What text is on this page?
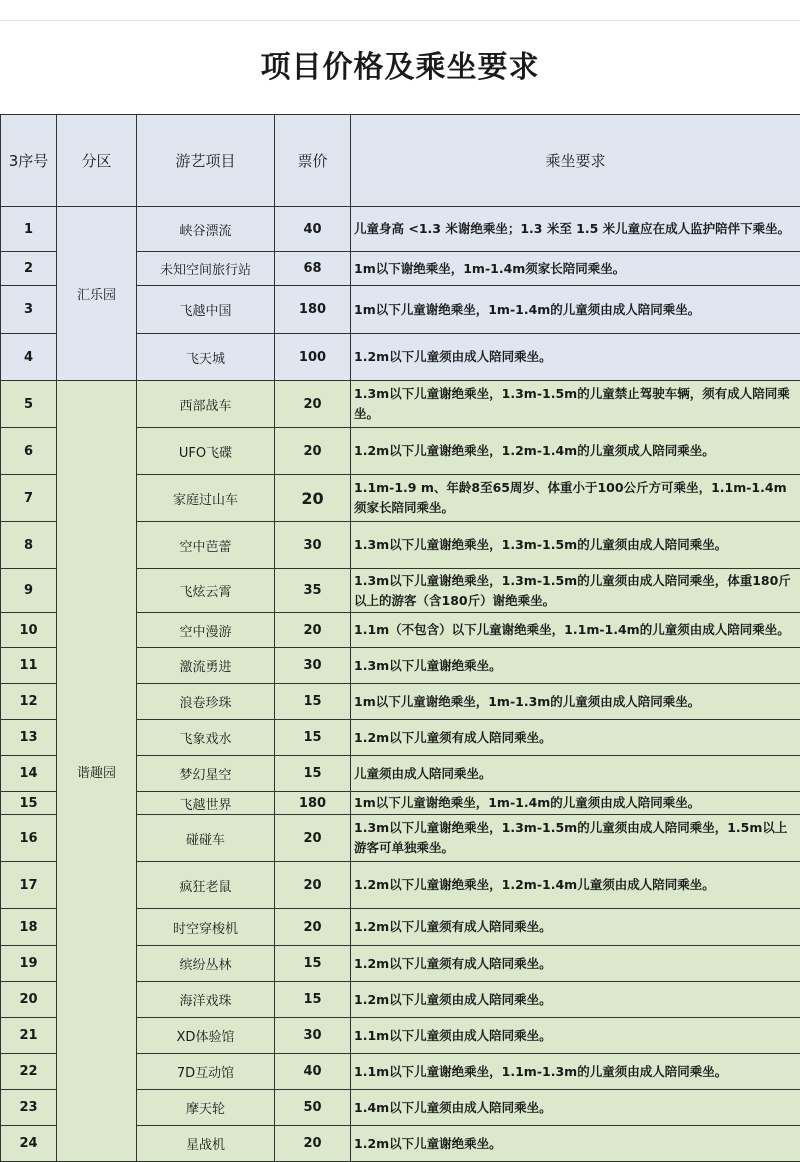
项目价格及乘坐要求
3序号	分区	游艺项目	票价	乘坐要求
1	汇乐园	峡谷漂流	40	儿童身高 <1.3 米谢绝乘坐；1.3 米至 1.5 米儿童应在成人监护陪伴下乘坐。
2		未知空间旅行站	68	1m以下谢绝乘坐，1m-1.4m须家长陪同乘坐。
3		飞越中国	180	1m以下儿童谢绝乘坐，1m-1.4m的儿童须由成人陪同乘坐。
4		飞天城	100	1.2m以下儿童须由成人陪同乘坐。
5	谐趣园	西部战车	20	1.3m以下儿童谢绝乘坐，1.3m-1.5m的儿童禁止驾驶车辆，须有成人陪同乘坐。
6		UFO飞碟	20	1.2m以下儿童谢绝乘坐，1.2m-1.4m的儿童须成人陪同乘坐。
7		家庭过山车	20	1.1m-1.9 m、年龄8至65周岁、体重小于100公斤方可乘坐，1.1m-1.4m须家长陪同乘坐。
8		空中芭蕾	30	1.3m以下儿童谢绝乘坐，1.3m-1.5m的儿童须由成人陪同乘坐。
9		飞炫云霄	35	1.3m以下儿童谢绝乘坐，1.3m-1.5m的儿童须由成人陪同乘坐，体重180斤以上的游客（含180斤）谢绝乘坐。
10		空中漫游	20	1.1m（不包含）以下儿童谢绝乘坐，1.1m-1.4m的儿童须由成人陪同乘坐。
11		激流勇进	30	1.3m以下儿童谢绝乘坐。
12		浪卷珍珠	15	1m以下儿童谢绝乘坐，1m-1.3m的儿童须由成人陪同乘坐。
13		飞象戏水	15	1.2m以下儿童须有成人陪同乘坐。
14		梦幻星空	15	儿童须由成人陪同乘坐。
15		飞越世界	180	1m以下儿童谢绝乘坐，1m-1.4m的儿童须由成人陪同乘坐。
16		碰碰车	20	1.3m以下儿童谢绝乘坐，1.3m-1.5m的儿童须由成人陪同乘坐，1.5m以上游客可单独乘坐。
17		疯狂老鼠	20	1.2m以下儿童谢绝乘坐，1.2m-1.4m儿童须由成人陪同乘坐。
18		时空穿梭机	20	1.2m以下儿童须有成人陪同乘坐。
19		缤纷丛林	15	1.2m以下儿童须有成人陪同乘坐。
20		海洋戏珠	15	1.2m以下儿童须由成人陪同乘坐。
21		XD体验馆	30	1.1m以下儿童须由成人陪同乘坐。
22		7D互动馆	40	1.1m以下儿童谢绝乘坐，1.1m-1.3m的儿童须由成人陪同乘坐。
23		摩天轮	50	1.4m以下儿童须由成人陪同乘坐。
24		星战机	20	1.2m以下儿童谢绝乘坐。
